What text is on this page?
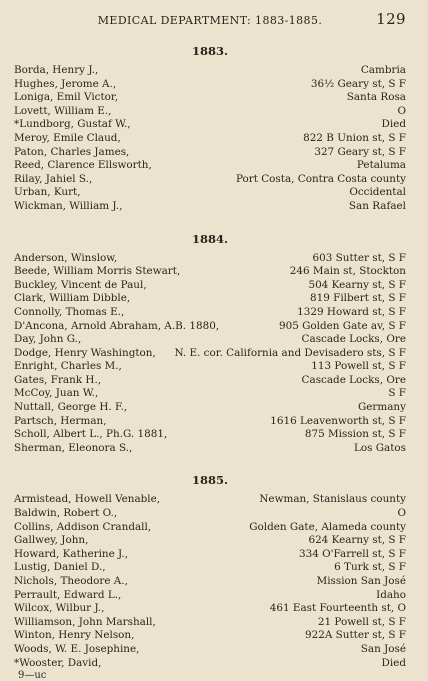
MEDICAL DEPARTMENT: 1883-1885.	129
1883.
Borda, Henry J.,	Cambria
Hughes, Jerome A.,	36½ Geary st, S F
Loniga, Emil Victor,	Santa Rosa
Lovett, William E.,	O
*Lundborg, Gustaf W.,	Died
Meroy, Emile Claud,	822 B Union st, S F
Paton, Charles James,	327 Geary st, S F
Reed, Clarence Ellsworth,	Petaluma
Rilay, Jahiel S.,	Port Costa, Contra Costa county
Urban, Kurt,	Occidental
Wickman, William J.,	San Rafael
1884.
Anderson, Winslow,	603 Sutter st, S F
Beede, William Morris Stewart,	246 Main st, Stockton
Buckley, Vincent de Paul,	504 Kearny st, S F
Clark, William Dibble,	819 Filbert st, S F
Connolly, Thomas E.,	1329 Howard st, S F
D'Ancona, Arnold Abraham, A.B. 1880,	905 Golden Gate av, S F
Day, John G.,	Cascade Locks, Ore
Dodge, Henry Washington, N. E. cor. California and Devisadero sts, S F
Enright, Charles M.,	113 Powell st, S F
Gates, Frank H.,	Cascade Locks, Ore
McCoy, Juan W.,	S F
Nuttall, George H. F.,	Germany
Partsch, Herman,	1616 Leavenworth st, S F
Scholl, Albert L., Ph.G. 1881,	875 Mission st, S F
Sherman, Eleonora S.,	Los Gatos
1885.
Armistead, Howell Venable,	Newman, Stanislaus county
Baldwin, Robert O.,	O
Collins, Addison Crandall,	Golden Gate, Alameda county
Gallwey, John,	624 Kearny st, S F
Howard, Katherine J.,	334 O'Farrell st, S F
Lustig, Daniel D.,	6 Turk st, S F
Nichols, Theodore A.,	Mission San José
Perrault, Edward L.,	Idaho
Wilcox, Wilbur J.,	461 East Fourteenth st, O
Williamson, John Marshall,	21 Powell st, S F
Winton, Henry Nelson,	922A Sutter st, S F
Woods, W. E. Josephine,	San José
*Wooster, David,	Died
9—uc
